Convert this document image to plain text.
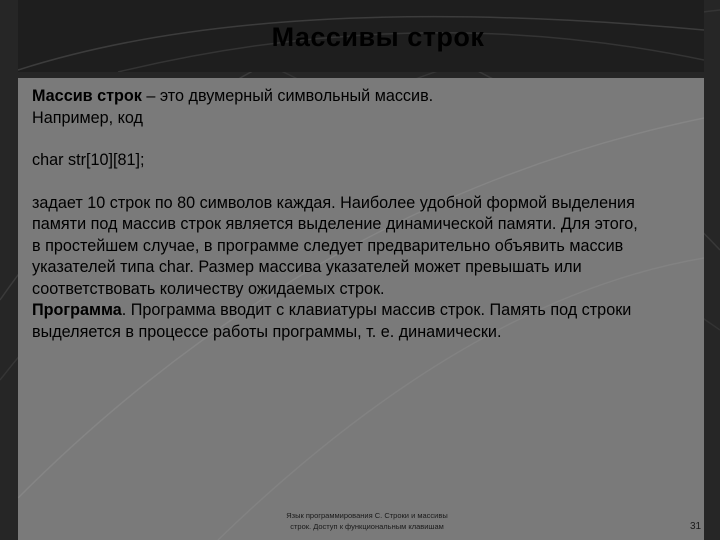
Массивы строк

Массив строк – это двумерный символьный массив.

Например, код

char str[10][81];

задает 10 строк по 80 символов каждая. Наиболее удобной формой выделения

памяти под массив строк является выделение динамической памяти. Для этого,

в простейшем случае, в программе следует предварительно объявить массив

указателей типа char. Размер массива указателей может превышать или

соответствовать количеству ожидаемых строк.

Программа. Программа вводит с клавиатуры массив строк. Память под строки

выделяется в процессе работы программы, т. е. динамически.

Язык программирования С. Строки и массивы
строк. Доступ к функциональным клавишам	31
